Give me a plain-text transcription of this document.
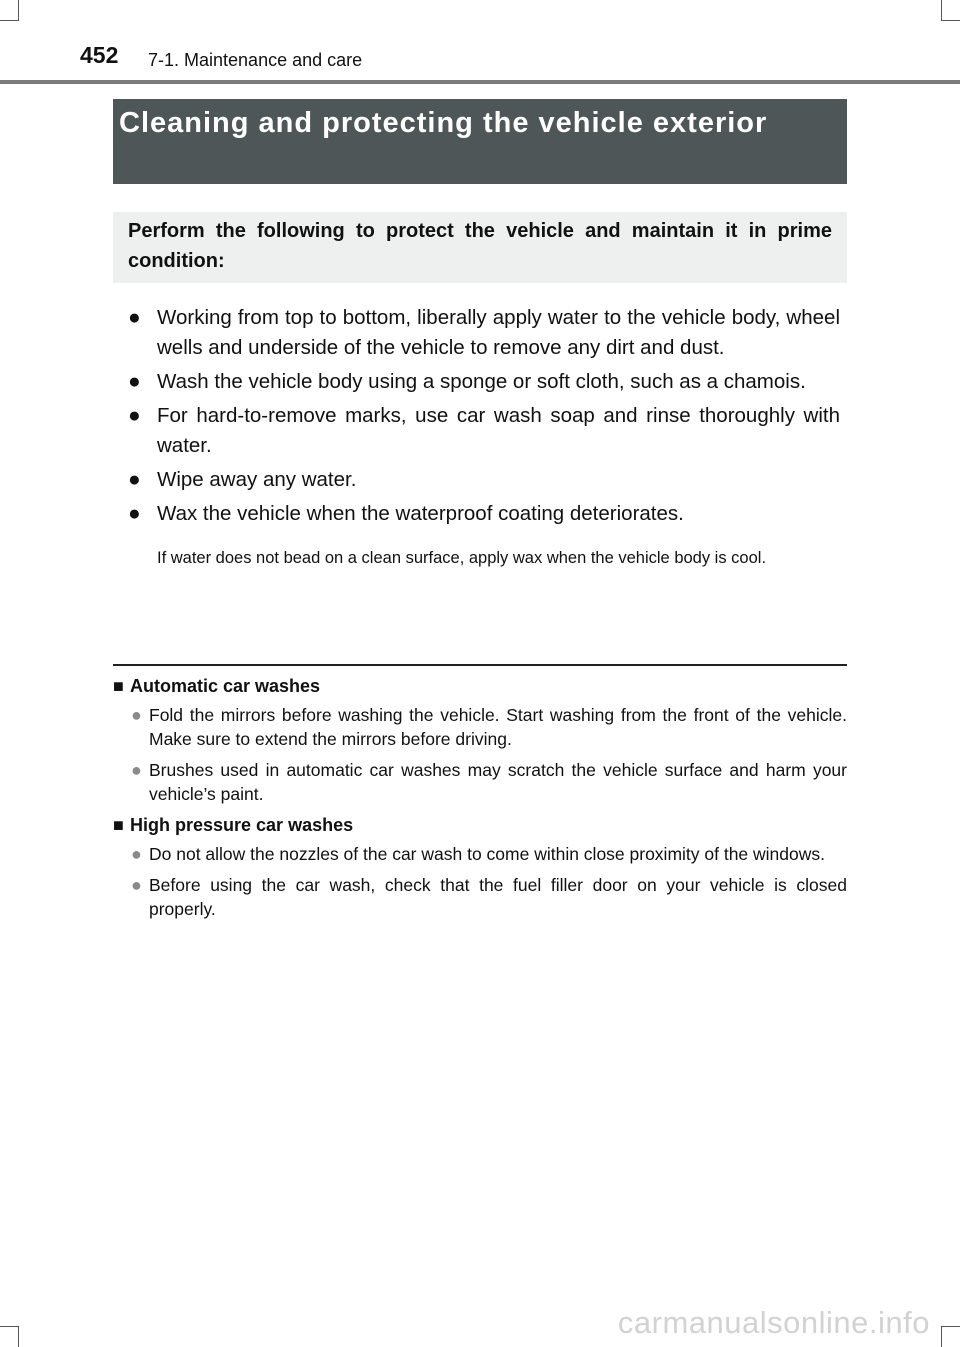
452 7-1. Maintenance and care
Cleaning and protecting the vehicle exterior
Perform the following to protect the vehicle and maintain it in prime condition:
● Working from top to bottom, liberally apply water to the vehicle body, wheel wells and underside of the vehicle to remove any dirt and dust.
● Wash the vehicle body using a sponge or soft cloth, such as a chamois.
● For hard-to-remove marks, use car wash soap and rinse thoroughly with water.
● Wipe away any water.
● Wax the vehicle when the waterproof coating deteriorates.
If water does not bead on a clean surface, apply wax when the vehicle body is cool.
■ Automatic car washes
● Fold the mirrors before washing the vehicle. Start washing from the front of the vehicle. Make sure to extend the mirrors before driving.
● Brushes used in automatic car washes may scratch the vehicle surface and harm your vehicle’s paint.
■ High pressure car washes
● Do not allow the nozzles of the car wash to come within close proximity of the windows.
● Before using the car wash, check that the fuel filler door on your vehicle is closed properly.
carmanualsonline.info
